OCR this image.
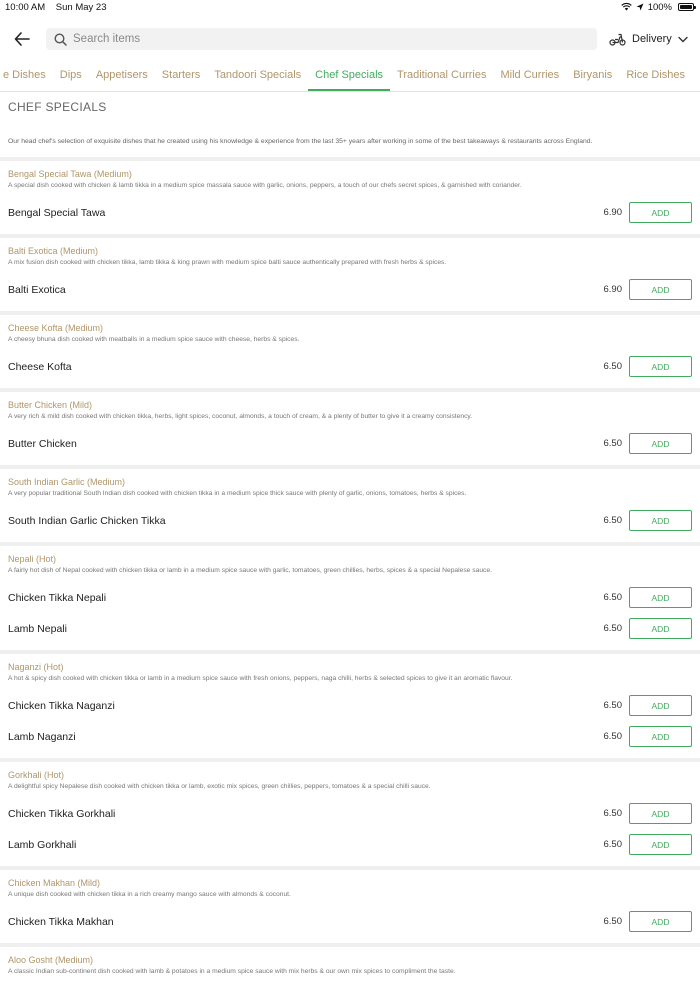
10:00 AM Sun May 23	100%
Search items
Delivery
e Dishes	Dips	Appetisers	Starters	Tandoori Specials	Chef Specials	Traditional Curries	Mild Curries	Biryanis	Rice Dishes
CHEF SPECIALS
Our head chef's selection of exquisite dishes that he created using his knowledge & experience from the last 35+ years after working in some of the best takeaways & restaurants across England.
Bengal Special Tawa (Medium)
A special dish cooked with chicken & lamb tikka in a medium spice massala sauce with garlic, onions, peppers, a touch of our chefs secret spices, & garnished with coriander.
Bengal Special Tawa	6.90	ADD
Balti Exotica (Medium)
A mix fusion dish cooked with chicken tikka, lamb tikka & king prawn with medium spice balti sauce authentically prepared with fresh herbs & spices.
Balti Exotica	6.90	ADD
Cheese Kofta (Medium)
A cheesy bhuna dish cooked with meatballs in a medium spice sauce with cheese, herbs & spices.
Cheese Kofta	6.50	ADD
Butter Chicken (Mild)
A very rich & mild dish cooked with chicken tikka, herbs, light spices, coconut, almonds, a touch of cream, & a plenty of butter to give it a creamy consistency.
Butter Chicken	6.50	ADD
South Indian Garlic (Medium)
A very popular traditional South Indian dish cooked with chicken tikka in a medium spice thick sauce with plenty of garlic, onions, tomatoes, herbs & spices.
South Indian Garlic Chicken Tikka	6.50	ADD
Nepali (Hot)
A fairly hot dish of Nepal cooked with chicken tikka or lamb in a medium spice sauce with garlic, tomatoes, green chillies, herbs, spices & a special Nepalese sauce.
Chicken Tikka Nepali	6.50	ADD
Lamb Nepali	6.50	ADD
Naganzi (Hot)
A hot & spicy dish cooked with chicken tikka or lamb in a medium spice sauce with fresh onions, peppers, naga chilli, herbs & selected spices to give it an aromatic flavour.
Chicken Tikka Naganzi	6.50	ADD
Lamb Naganzi	6.50	ADD
Gorkhali (Hot)
A delightful spicy Nepalese dish cooked with chicken tikka or lamb, exotic mix spices, green chillies, peppers, tomatoes & a special chilli sauce.
Chicken Tikka Gorkhali	6.50	ADD
Lamb Gorkhali	6.50	ADD
Chicken Makhan (Mild)
A unique dish cooked with chicken tikka in a rich creamy mango sauce with almonds & coconut.
Chicken Tikka Makhan	6.50	ADD
Aloo Gosht (Medium)
A classic Indian sub-continent dish cooked with lamb & potatoes in a medium spice sauce with mix herbs & our own mix spices to compliment the taste.
